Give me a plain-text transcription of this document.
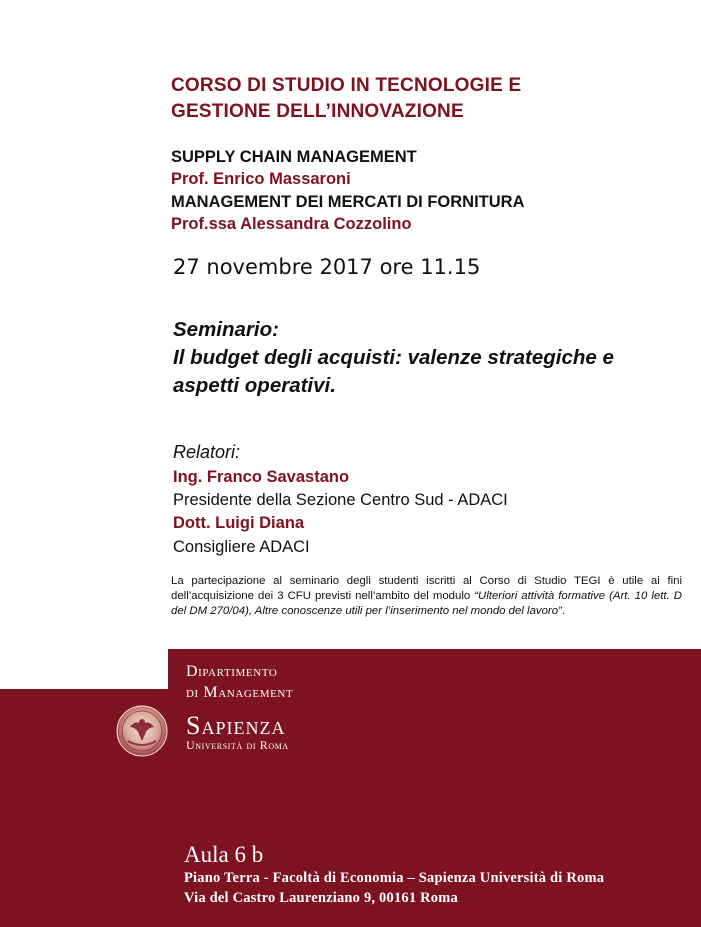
CORSO DI STUDIO IN TECNOLOGIE E
GESTIONE DELL’INNOVAZIONE
SUPPLY CHAIN MANAGEMENT
Prof. Enrico Massaroni
MANAGEMENT DEI MERCATI DI FORNITURA
Prof.ssa Alessandra Cozzolino
27 novembre 2017 ore 11.15
Seminario:
Il budget degli acquisti: valenze strategiche e
aspetti operativi.
Relatori:
Ing. Franco Savastano
Presidente della Sezione Centro Sud - ADACI
Dott. Luigi Diana
Consigliere ADACI
La partecipazione al seminario degli studenti iscritti al Corso di Studio TEGI è utile ai fini dell’acquisizione dei 3 CFU previsti nell’ambito del modulo “Ulteriori attività formative (Art. 10 lett. D del DM 270/04), Altre conoscenze utili per l’inserimento nel mondo del lavoro”.
Dipartimento
di Management
Sapienza
Università di Roma
Aula 6 b
Piano Terra - Facoltà di Economia – Sapienza Università di Roma
Via del Castro Laurenziano 9, 00161 Roma
